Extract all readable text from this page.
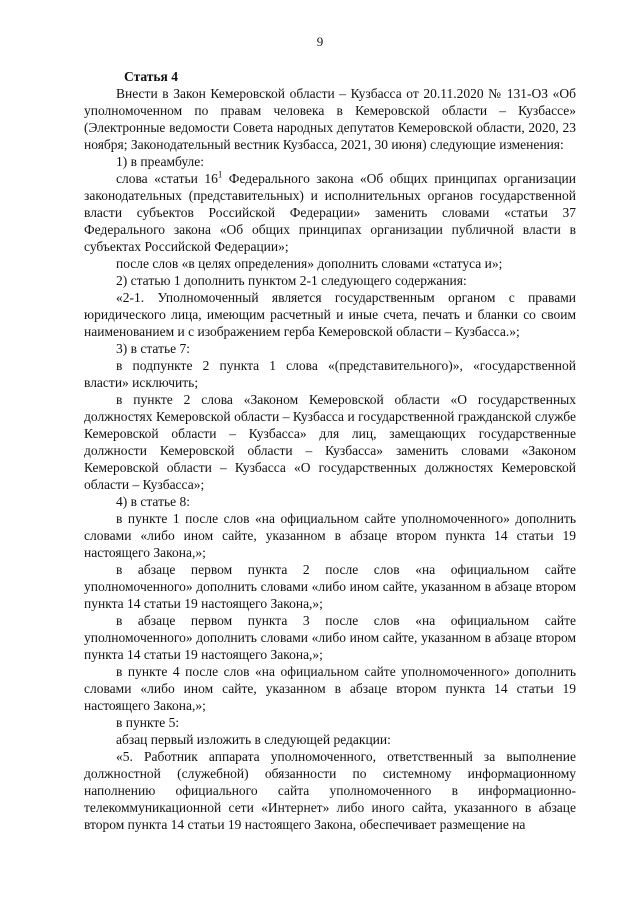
9

Статья 4

Внести в Закон Кемеровской области – Кузбасса от 20.11.2020 № 131-ОЗ «Об уполномоченном по правам человека в Кемеровской области – Кузбассе» (Электронные ведомости Совета народных депутатов Кемеровской области, 2020, 23 ноября; Законодательный вестник Кузбасса, 2021, 30 июня) следующие изменения:

1) в преамбуле:

слова «статьи $16^1$ Федерального закона «Об общих принципах организации законодательных (представительных) и исполнительных органов государственной власти субъектов Российской Федерации» заменить словами «статьи 37 Федерального закона «Об общих принципах организации публичной власти в субъектах Российской Федерации»;

после слов «в целях определения» дополнить словами «статуса и»;

2) статью 1 дополнить пунктом 2-1 следующего содержания:

«2-1. Уполномоченный является государственным органом с правами юридического лица, имеющим расчетный и иные счета, печать и бланки со своим наименованием и с изображением герба Кемеровской области – Кузбасса.»;

3) в статье 7:

в подпункте 2 пункта 1 слова «(представительного)», «государственной власти» исключить;

в пункте 2 слова «Законом Кемеровской области «О государственных должностях Кемеровской области – Кузбасса и государственной гражданской службе Кемеровской области – Кузбасса» для лиц, замещающих государственные должности Кемеровской области – Кузбасса» заменить словами «Законом Кемеровской области – Кузбасса «О государственных должностях Кемеровской области – Кузбасса»;

4) в статье 8:

в пункте 1 после слов «на официальном сайте уполномоченного» дополнить словами «либо ином сайте, указанном в абзаце втором пункта 14 статьи 19 настоящего Закона,»;

в абзаце первом пункта 2 после слов «на официальном сайте уполномоченного» дополнить словами «либо ином сайте, указанном в абзаце втором пункта 14 статьи 19 настоящего Закона,»;

в абзаце первом пункта 3 после слов «на официальном сайте уполномоченного» дополнить словами «либо ином сайте, указанном в абзаце втором пункта 14 статьи 19 настоящего Закона,»;

в пункте 4 после слов «на официальном сайте уполномоченного» дополнить словами «либо ином сайте, указанном в абзаце втором пункта 14 статьи 19 настоящего Закона,»;

в пункте 5:

абзац первый изложить в следующей редакции:

«5. Работник аппарата уполномоченного, ответственный за выполнение должностной (служебной) обязанности по системному информационному наполнению официального сайта уполномоченного в информационно-телекоммуникационной сети «Интернет» либо иного сайта, указанного в абзаце втором пункта 14 статьи 19 настоящего Закона, обеспечивает размещение на
